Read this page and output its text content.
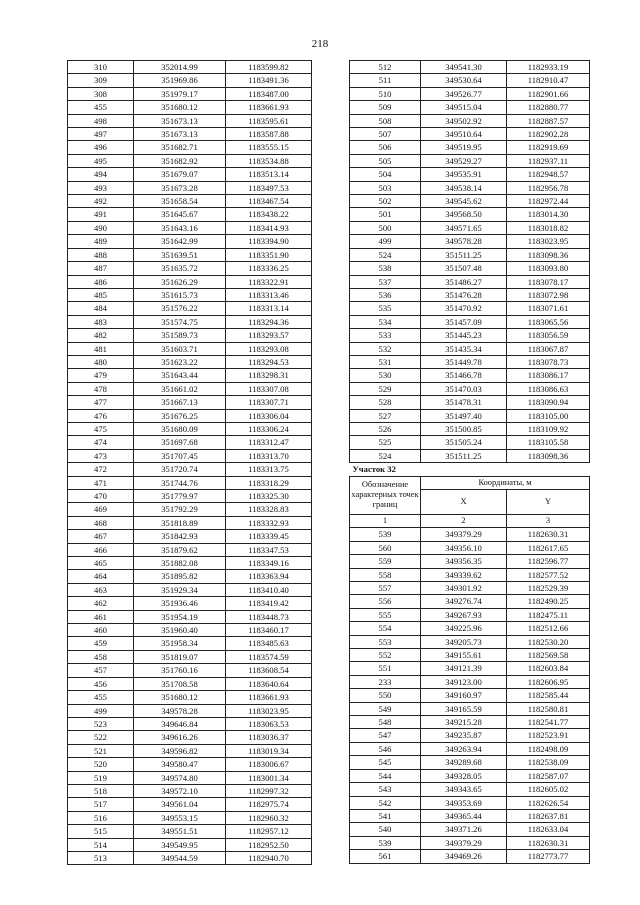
218
310	352014.99	1183599.82
309	351969.86	1183491.36
308	351979.17	1183487.00
455	351680.12	1183661.93
498	351673.13	1183595.61
497	351673.13	1183587.88
496	351682.71	1183555.15
495	351682.92	1183534.88
494	351679.07	1183513.14
493	351673.28	1183497.53
492	351658.54	1183467.54
491	351645.67	1183438.22
490	351643.16	1183414.93
489	351642.99	1183394.90
488	351639.51	1183351.90
487	351635.72	1183336.25
486	351626.29	1183322.91
485	351615.73	1183313.46
484	351576.22	1183313.14
483	351574.75	1183294.36
482	351589.73	1183293.57
481	351603.71	1183293.08
480	351623.22	1183294.53
479	351643.44	1183298.31
478	351661.02	1183307.08
477	351667.13	1183307.71
476	351676.25	1183306.04
475	351680.09	1183306.24
474	351697.68	1183312.47
473	351707.45	1183313.70
472	351720.74	1183313.75
471	351744.76	1183318.29
470	351779.97	1183325.30
469	351792.29	1183328.83
468	351818.89	1183332.93
467	351842.93	1183339.45
466	351879.62	1183347.53
465	351882.08	1183349.16
464	351895.82	1183363.94
463	351929.34	1183410.40
462	351936.46	1183419.42
461	351954.19	1183448.73
460	351960.40	1183460.17
459	351958.34	1183485.63
458	351819.07	1183574.59
457	351760.16	1183608.54
456	351708.58	1183640.64
455	351680.12	1183661.93
499	349578.28	1183023.95
523	349646.84	1183063.53
522	349616.26	1183036.37
521	349596.82	1183019.34
520	349580.47	1183006.67
519	349574.80	1183001.34
518	349572.10	1182997.32
517	349561.04	1182975.74
516	349553.15	1182960.32
515	349551.51	1182957.12
514	349549.95	1182952.50
513	349544.59	1182940.70
512	349541.30	1182933.19
511	349530.64	1182910.47
510	349526.77	1182901.66
509	349515.04	1182880.77
508	349502.92	1182887.57
507	349510.64	1182902.28
506	349519.95	1182919.69
505	349529.27	1182937.11
504	349535.91	1182948.57
503	349538.14	1182956.78
502	349545.62	1182972.44
501	349568.50	1183014.30
500	349571.65	1183018.82
499	349578.28	1183023.95
524	351511.25	1183098.36
538	351507.48	1183093.80
537	351486.27	1183078.17
536	351476.28	1183072.98
535	351470.92	1183071.61
534	351457.09	1183065.56
533	351445.23	1183056.59
532	351435.34	1183067.87
531	351449.78	1183078.73
530	351466.78	1183086.17
529	351470.03	1183086.63
528	351478.31	1183090.94
527	351497.40	1183105.00
526	351500.85	1183109.92
525	351505.24	1183105.58
524	351511.25	1183098.36
Участок 32		
Обозначение характерных точек границ	Координаты, м	
	X	Y
1	2	3
539	349379.29	1182630.31
560	349356.10	1182617.65
559	349356.35	1182596.77
558	349339.62	1182577.52
557	349301.92	1182529.39
556	349276.74	1182490.25
555	349267.93	1182475.11
554	349225.96	1182512.66
553	349205.73	1182530.20
552	349155.61	1182569.58
551	349121.39	1182603.84
233	349123.00	1182606.95
550	349160.97	1182585.44
549	349165.59	1182580.81
548	349215.28	1182541.77
547	349235.87	1182523.91
546	349263.94	1182498.09
545	349289.68	1182538.09
544	349328.05	1182587.07
543	349343.65	1182605.02
542	349353.69	1182626.54
541	349365.44	1182637.81
540	349371.26	1182633.04
539	349379.29	1182630.31
561	349469.26	1182773.77
